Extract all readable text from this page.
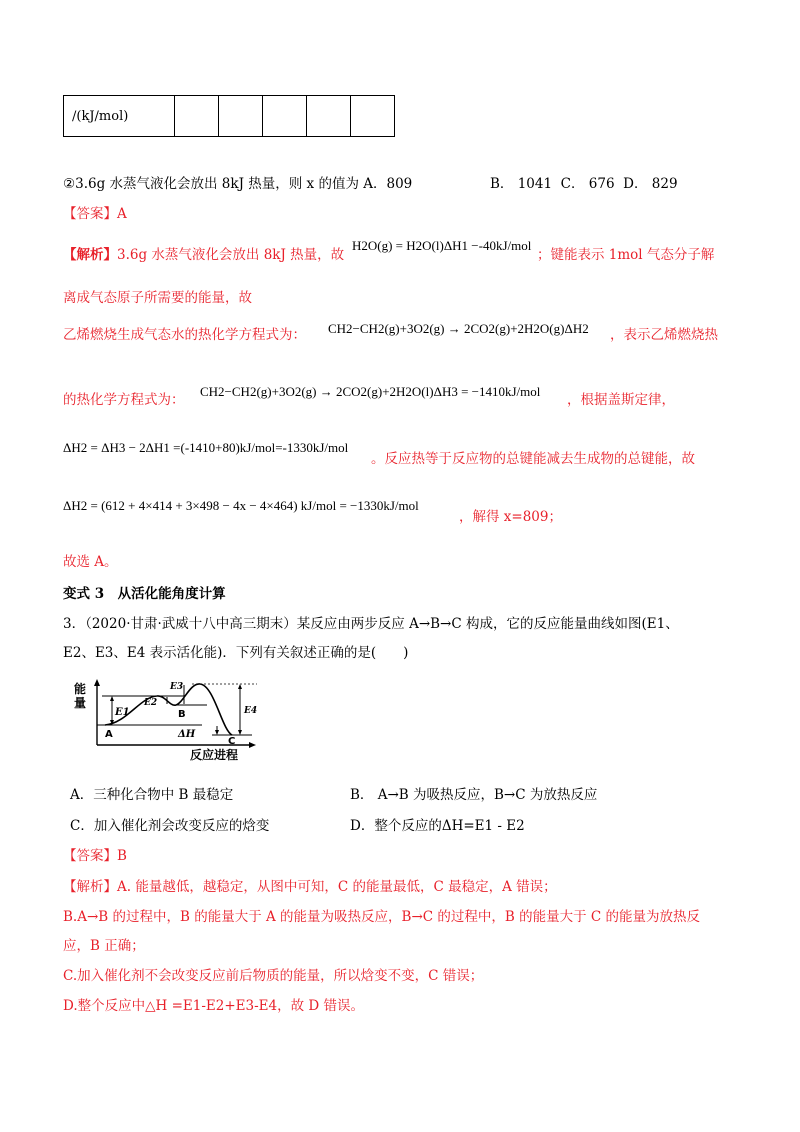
/(kJ/mol)					
②3.6g 水蒸气液化会放出 8kJ 热量，则 x 的值为 A．809	B． 1041 C． 676 D． 829
【答案】A
【解析】3.6g 水蒸气液化会放出 8kJ 热量，故
H2O(g) = H2O(l)ΔH1 −-40kJ/mol
；键能表示 1mol 气态分子解
离成气态原子所需要的能量，故
乙烯燃烧生成气态水的热化学方程式为： CH2−CH2(g)+3O2(g) → 2CO2(g)+2H2O(g)ΔH2 ，表示乙烯燃烧热
的热化学方程式为：
CH2−CH2(g)+3O2(g) → 2CO2(g)+2H2O(l)ΔH3 = −1410kJ/mol
，根据盖斯定律，
ΔH2 = ΔH3 − 2ΔH1 =(-1410+80)kJ/mol=-1330kJ/mol
。反应热等于反应物的总键能减去生成物的总键能，故
ΔH2 = (612 + 4×414 + 3×498 − 4x − 4×464) kJ/mol = −1330kJ/mol
，解得 x=809；
故选 A。
变式 3　从活化能角度计算
3．（2020·甘肃·武威十八中高三期末）某反应由两步反应 A→B→C 构成，它的反应能量曲线如图(E1、
E2、E3、E4 表示活化能)．下列有关叙述正确的是(　　)
能
量
E1
E2
E3
E4
A
B
C
ΔH
反应进程
A．三种化合物中 B 最稳定	B． A→B 为吸热反应，B→C 为放热反应
C．加入催化剂会改变反应的焓变	D．整个反应的ΔH=E1 - E2
【答案】B
【解析】A. 能量越低，越稳定，从图中可知，C 的能量最低，C 最稳定，A 错误；
B.A→B 的过程中，B 的能量大于 A 的能量为吸热反应，B→C 的过程中，B 的能量大于 C 的能量为放热反
应，B 正确；
C.加入催化剂不会改变反应前后物质的能量，所以焓变不变，C 错误；
D.整个反应中△H =E1-E2+E3-E4，故 D 错误。
